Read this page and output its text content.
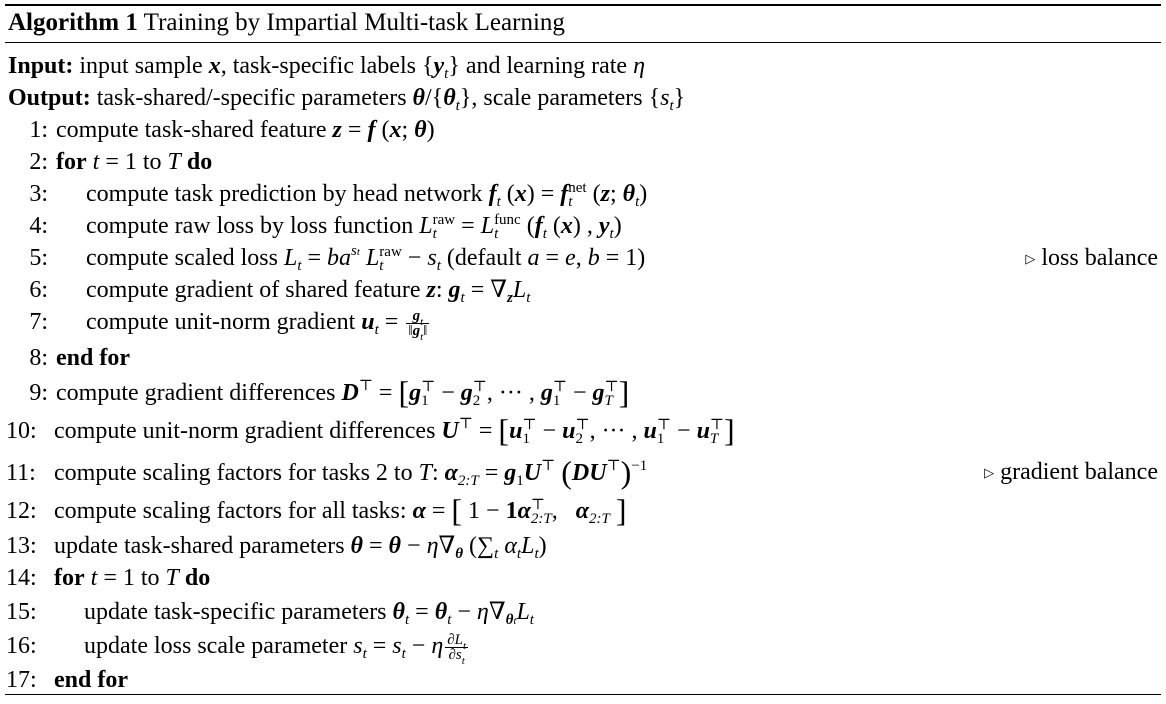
Algorithm 1 Training by Impartial Multi-task Learning
Input: input sample x, task-specific labels $\{y_t\}$ and learning rate η
Output: task-shared/-specific parameters $\theta/\{\theta_t\}$, scale parameters $\{s_t\}$
1: compute task-shared feature z = f (x; θ)
2: for t = 1 to T do
3: compute task prediction by head network $f_t$ (x) = f net
t (z; $\theta_t$)
4: compute raw loss by loss function L raw
t = L func
t ($f_t$ (x) , $y_t$)
5: compute scaled loss $L_t = ba^{st}$ L raw
$t - s_t$ (default a = e, b = 1)	▷ loss balance
6: compute gradient of shared feature z: $g_t = \nabla_zL_t$
7: compute unit-norm gradient $u_t = \frac{g_t}{‖g_t‖}$
8: end for
9: compute gradient differences D⊤ = [g ⊤
1 − g ⊤
2 , ··· , g ⊤
1 − g ⊤
T ]
10: compute unit-norm gradient differences U⊤ = [u ⊤
1 − u ⊤
2 , ··· , u ⊤
1 − u ⊤
T ]
11: compute scaling factors for tasks 2 to T: $\alpha_{2:T} = g_1U^⊤$ $(DU^⊤)^{-1}$	▷ gradient balance
12: compute scaling factors for all tasks: α = [ 1 − 1α ⊤
2:T ,   $\alpha_{2:T}$ ]
13: update task-shared parameters $\theta = \theta - \eta\nabla_\theta$ ($\sum_t$ $\alpha_tL_t$)
14: for t = 1 to T do
15: update task-specific parameters $\theta_t = \theta_t - \eta\nabla_{\theta t}L_t$
16: update loss scale parameter $s_t = s_t - \eta \frac{\partial L_t}{\partial s_t}$
17: end for
